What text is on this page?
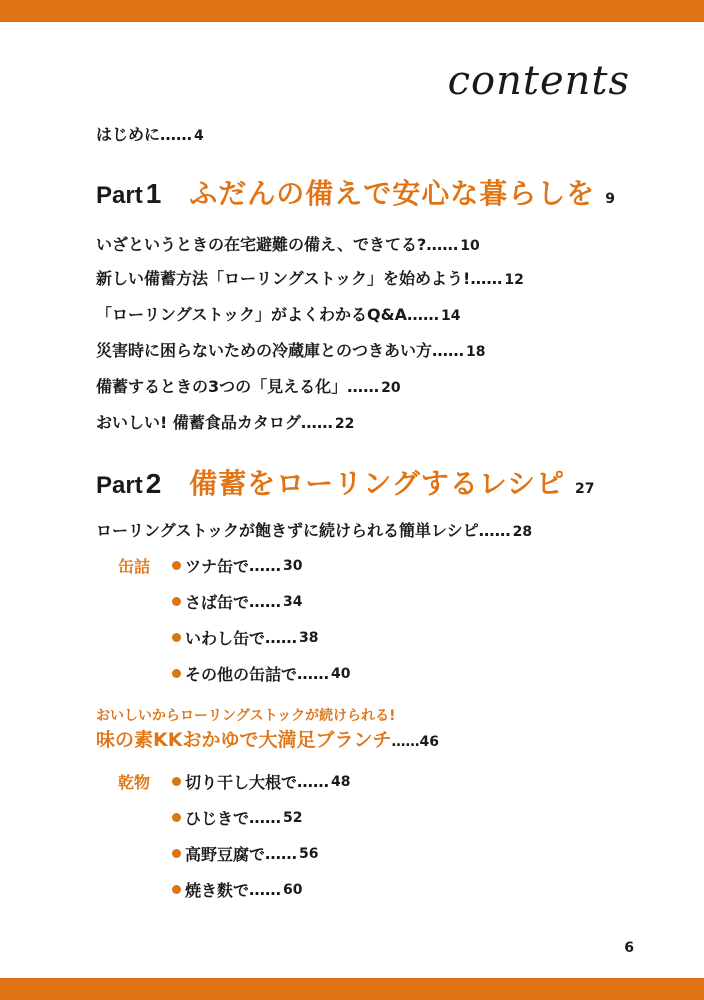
contents
はじめに…… 4
Part 1 ふだんの備えで安心な暮らしを 9
いざというときの在宅避難の備え、できてる?…… 10
新しい備蓄方法「ローリングストック」を始めよう!…… 12
「ローリングストック」がよくわかるQ&A…… 14
災害時に困らないための冷蔵庫とのつきあい方…… 18
備蓄するときの3つの「見える化」…… 20
おいしい! 備蓄食品カタログ…… 22
Part 2 備蓄をローリングするレシピ 27
ローリングストックが飽きずに続けられる簡単レシピ…… 28
缶詰 ツナ缶で …… 30
さば缶で …… 34
いわし缶で …… 38
その他の缶詰で …… 40
おいしいからローリングストックが続けられる!
味の素KKおかゆで大満足ブランチ……46
乾物 切り干し大根で …… 48
ひじきで …… 52
高野豆腐で …… 56
焼き麩で …… 60
6
